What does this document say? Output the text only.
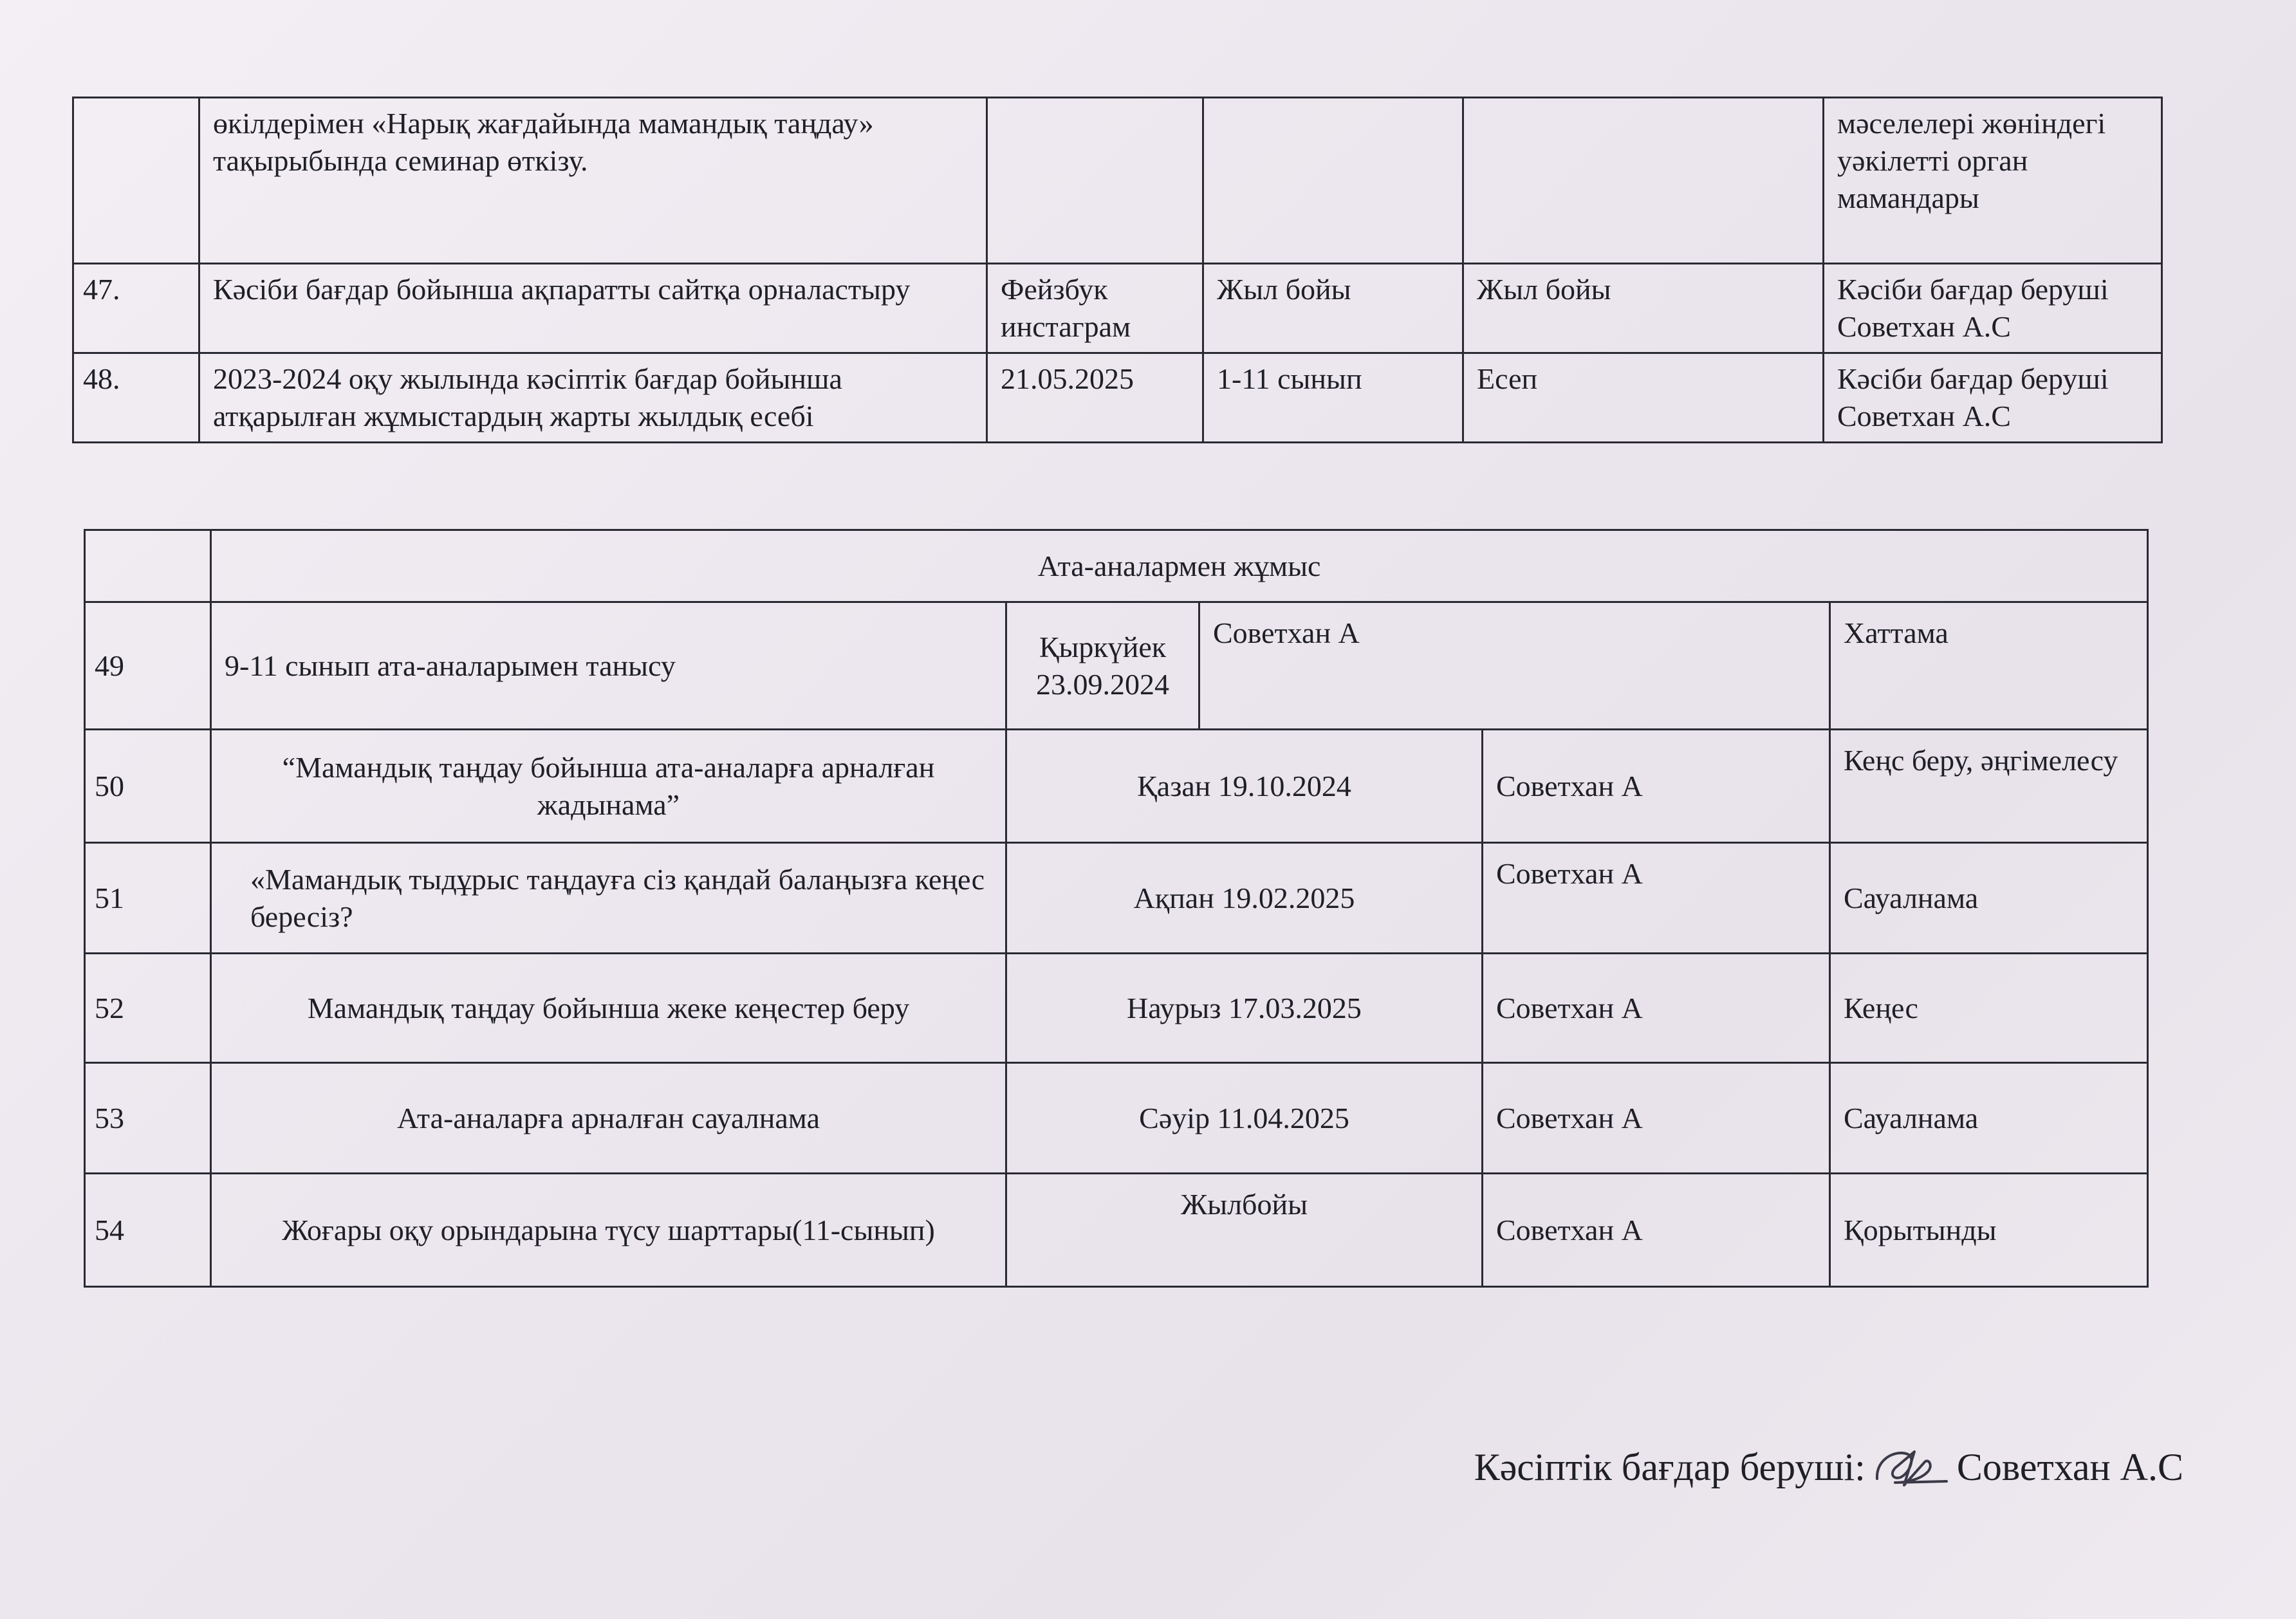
	өкілдерімен «Нарық жағдайында мамандық таңдау» тақырыбында семинар өткізу.				мәселелері жөніндегі уәкілетті орган мамандары
47.	Кәсіби бағдар бойынша ақпаратты сайтқа орналастыру	Фейзбук инстаграм	Жыл бойы	Жыл бойы	Кәсіби бағдар беруші Советхан А.С
48.	2023-2024 оқу жылында кәсіптік бағдар бойынша атқарылған жұмыстардың жарты жылдық есебі	21.05.2025	1-11 сынып	Есеп	Кәсіби бағдар беруші Советхан А.С
	Ата-аналармен жұмыс				
49	9-11 сынып ата-аналарымен танысу	Қыркүйек 23.09.2024	Советхан А		Хаттама
50	“Мамандық таңдау бойынша ата-аналарға арналған жадынама”	Қазан 19.10.2024		Советхан А	Кеңс беру, әңгімелесу
51	«Мамандық тыдұрыс таңдауға сіз қандай балаңызға кеңес бересіз?	Ақпан 19.02.2025		Советхан А	Сауалнама
52	Мамандық таңдау бойынша жеке кеңестер беру	Наурыз 17.03.2025		Советхан А	Кеңес
53	Ата-аналарға арналған сауалнама	Сәуір 11.04.2025		Советхан А	Сауалнама
54	Жоғары оқу орындарына түсу шарттары(11-сынып)	Жылбойы		Советхан А	Қорытынды
Кәсіптік бағдар беруші: Советхан А.С
